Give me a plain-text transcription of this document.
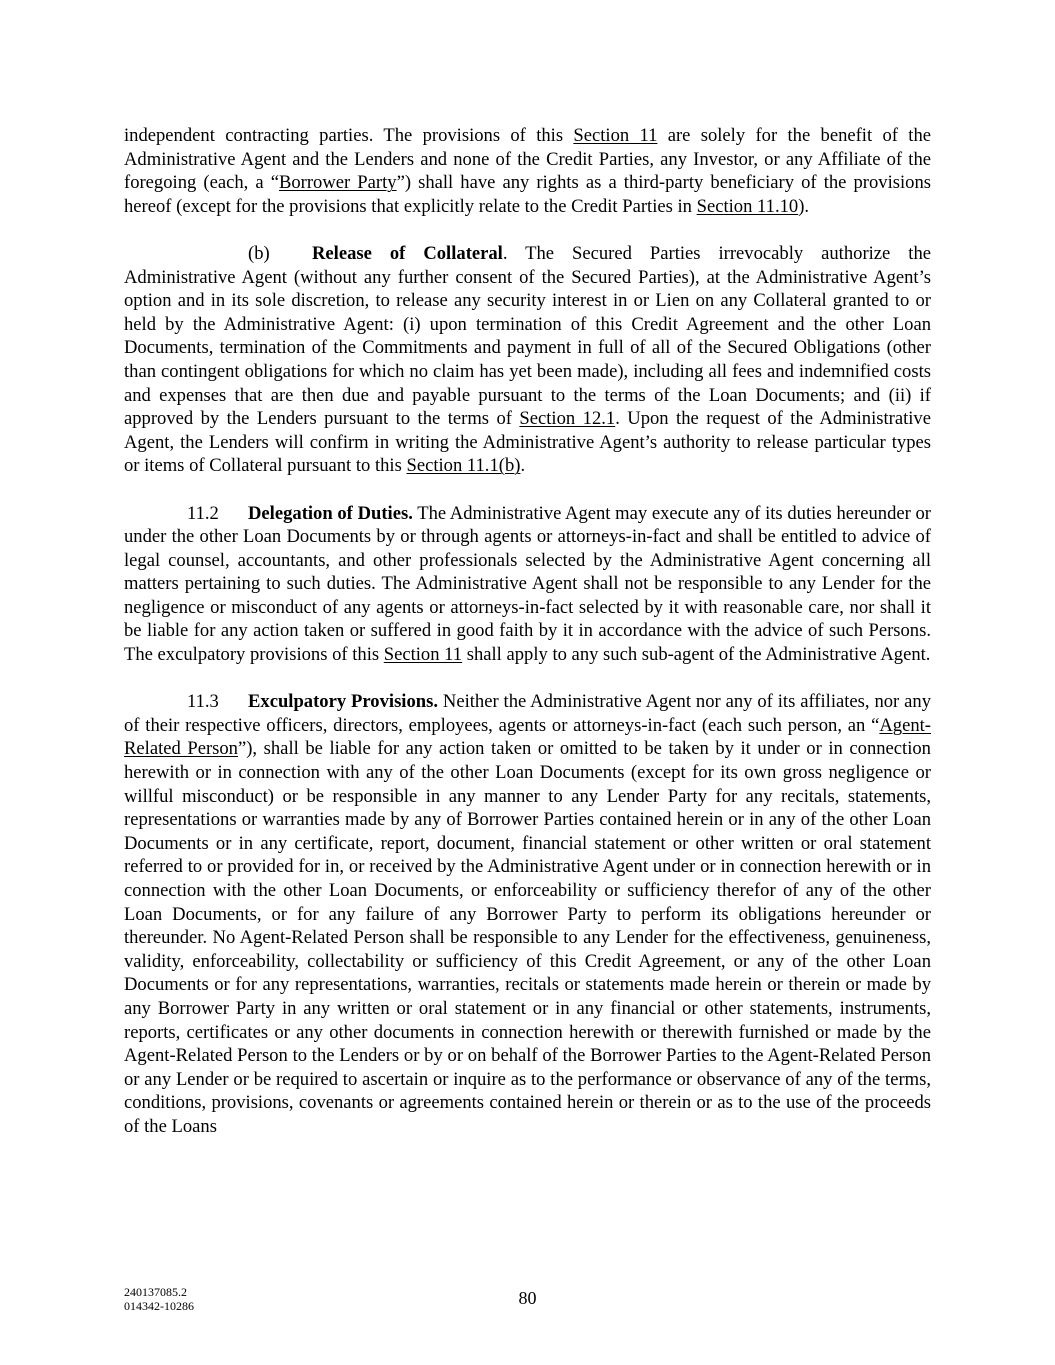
independent contracting parties. The provisions of this Section 11 are solely for the benefit of the Administrative Agent and the Lenders and none of the Credit Parties, any Investor, or any Affiliate of the foregoing (each, a “Borrower Party”) shall have any rights as a third-party beneficiary of the provisions hereof (except for the provisions that explicitly relate to the Credit Parties in Section 11.10).

(b) Release of Collateral. The Secured Parties irrevocably authorize the Administrative Agent (without any further consent of the Secured Parties), at the Administrative Agent’s option and in its sole discretion, to release any security interest in or Lien on any Collateral granted to or held by the Administrative Agent: (i) upon termination of this Credit Agreement and the other Loan Documents, termination of the Commitments and payment in full of all of the Secured Obligations (other than contingent obligations for which no claim has yet been made), including all fees and indemnified costs and expenses that are then due and payable pursuant to the terms of the Loan Documents; and (ii) if approved by the Lenders pursuant to the terms of Section 12.1. Upon the request of the Administrative Agent, the Lenders will confirm in writing the Administrative Agent’s authority to release particular types or items of Collateral pursuant to this Section 11.1(b).

11.2 Delegation of Duties. The Administrative Agent may execute any of its duties hereunder or under the other Loan Documents by or through agents or attorneys-in-fact and shall be entitled to advice of legal counsel, accountants, and other professionals selected by the Administrative Agent concerning all matters pertaining to such duties. The Administrative Agent shall not be responsible to any Lender for the negligence or misconduct of any agents or attorneys-in-fact selected by it with reasonable care, nor shall it be liable for any action taken or suffered in good faith by it in accordance with the advice of such Persons. The exculpatory provisions of this Section 11 shall apply to any such sub-agent of the Administrative Agent.

11.3 Exculpatory Provisions. Neither the Administrative Agent nor any of its affiliates, nor any of their respective officers, directors, employees, agents or attorneys-in-fact (each such person, an “Agent-Related Person”), shall be liable for any action taken or omitted to be taken by it under or in connection herewith or in connection with any of the other Loan Documents (except for its own gross negligence or willful misconduct) or be responsible in any manner to any Lender Party for any recitals, statements, representations or warranties made by any of Borrower Parties contained herein or in any of the other Loan Documents or in any certificate, report, document, financial statement or other written or oral statement referred to or provided for in, or received by the Administrative Agent under or in connection herewith or in connection with the other Loan Documents, or enforceability or sufficiency therefor of any of the other Loan Documents, or for any failure of any Borrower Party to perform its obligations hereunder or thereunder. No Agent-Related Person shall be responsible to any Lender for the effectiveness, genuineness, validity, enforceability, collectability or sufficiency of this Credit Agreement, or any of the other Loan Documents or for any representations, warranties, recitals or statements made herein or therein or made by any Borrower Party in any written or oral statement or in any financial or other statements, instruments, reports, certificates or any other documents in connection herewith or therewith furnished or made by the Agent-Related Person to the Lenders or by or on behalf of the Borrower Parties to the Agent-Related Person or any Lender or be required to ascertain or inquire as to the performance or observance of any of the terms, conditions, provisions, covenants or agreements contained herein or therein or as to the use of the proceeds of the Loans

240137085.2
014342-10286	80
